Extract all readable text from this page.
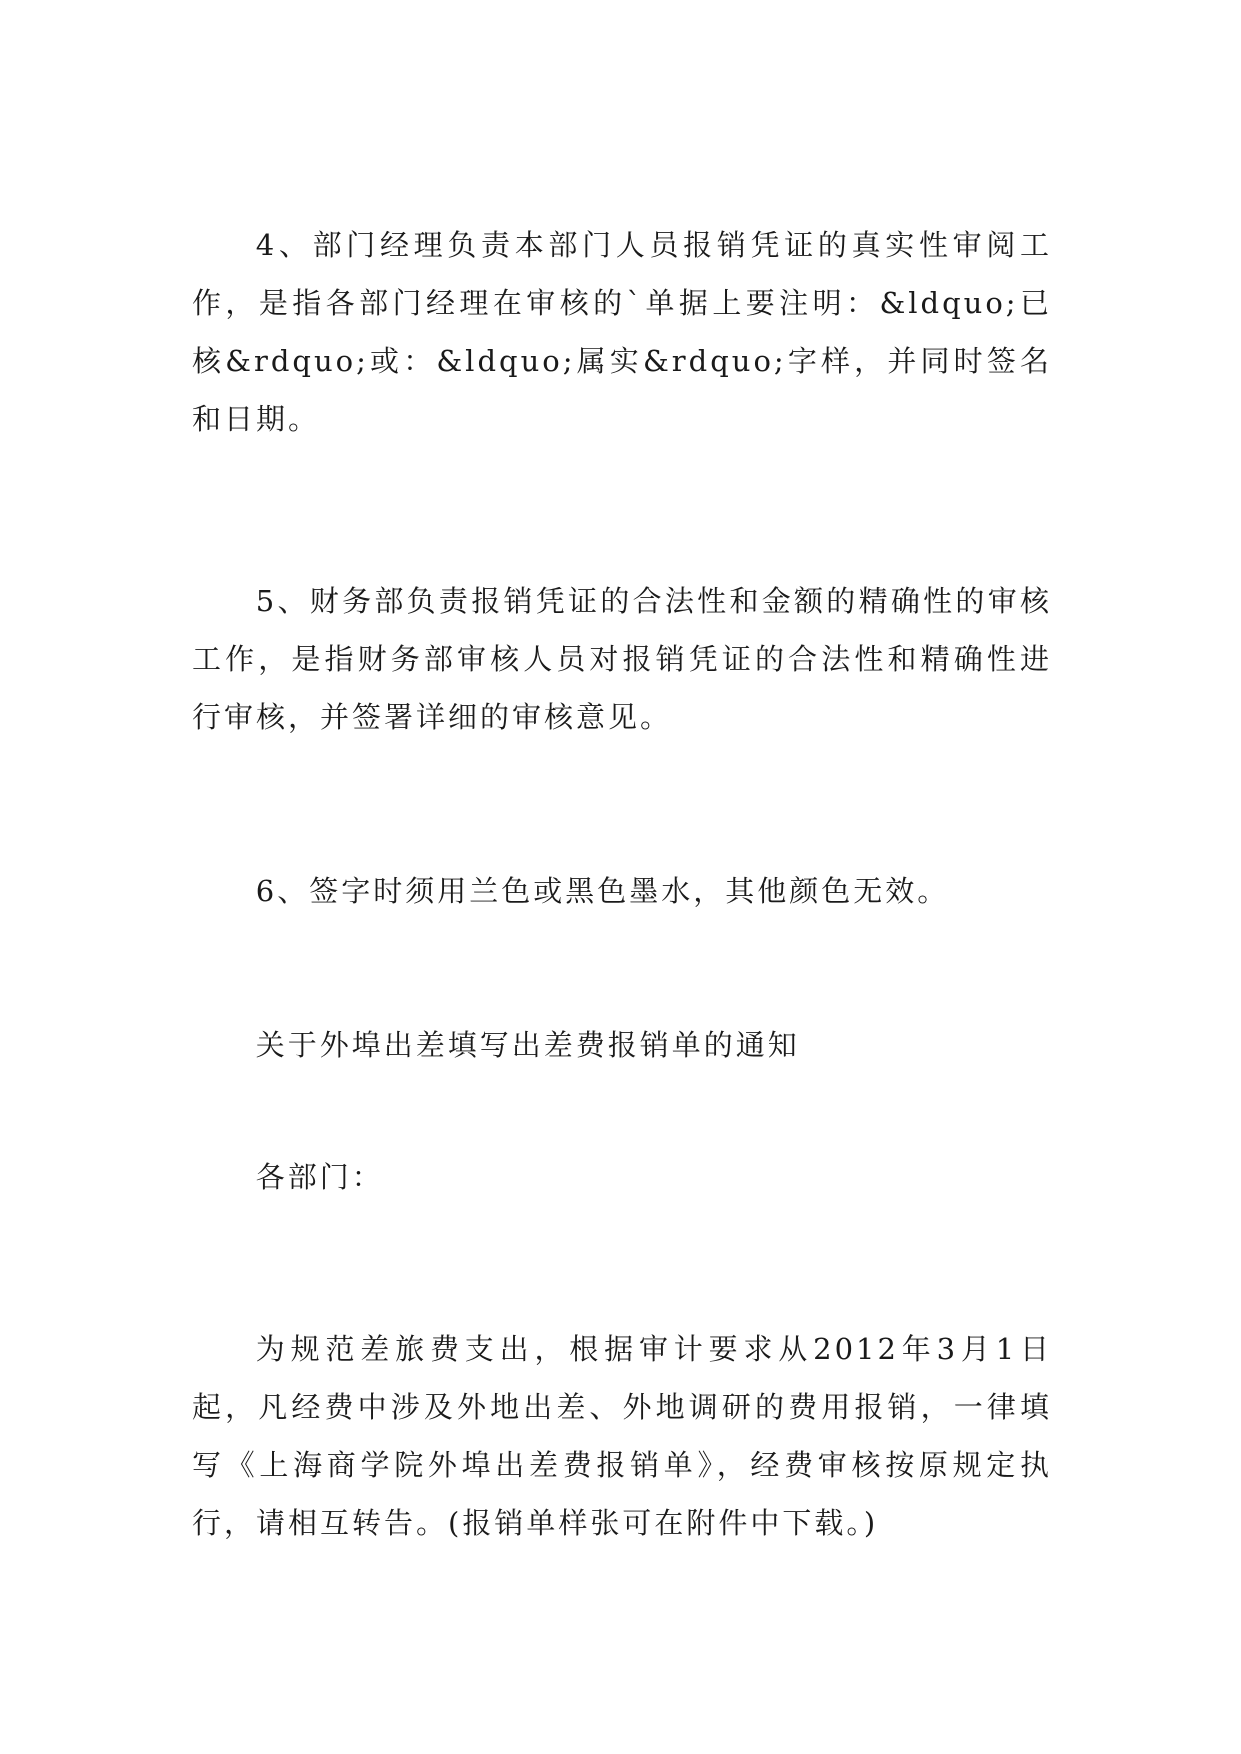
4、部门经理负责本部门人员报销凭证的真实性审阅工作，是指各部门经理在审核的`单据上要注明：&ldquo;已核&rdquo;或：&ldquo;属实&rdquo;字样，并同时签名和日期。

5、财务部负责报销凭证的合法性和金额的精确性的审核工作，是指财务部审核人员对报销凭证的合法性和精确性进行审核，并签署详细的审核意见。

6、签字时须用兰色或黑色墨水，其他颜色无效。

关于外埠出差填写出差费报销单的通知

各部门：

为规范差旅费支出，根据审计要求从2012年3月1日起，凡经费中涉及外地出差、外地调研的费用报销，一律填写《上海商学院外埠出差费报销单》，经费审核按原规定执行，请相互转告。(报销单样张可在附件中下载。)
